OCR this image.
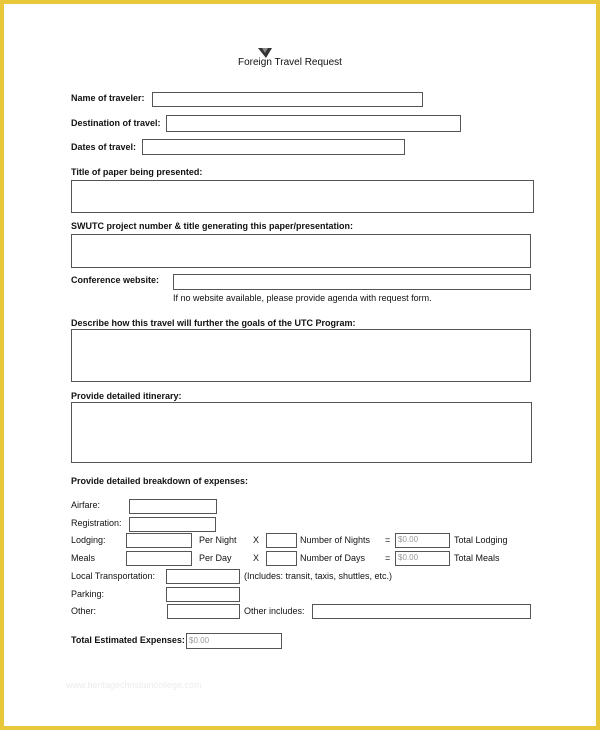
Foreign Travel Request
Name of traveler:
Destination of travel:
Dates of travel:
Title of paper being presented:
SWUTC project number & title generating this paper/presentation:
Conference website:
If no website available, please provide agenda with request form.
Describe how this travel will further the goals of the UTC Program:
Provide detailed itinerary:
Provide detailed breakdown of expenses:
Airfare:
Registration:
Lodging:	Per Night X	Number of Nights = $0.00	Total Lodging
Meals	Per Day X	Number of Days = $0.00	Total Meals
Local Transportation:	(Includes: transit, taxis, shuttles, etc.)
Parking:
Other:	Other includes:
Total Estimated Expenses: $0.00
www.heritagechristiancollege.com
